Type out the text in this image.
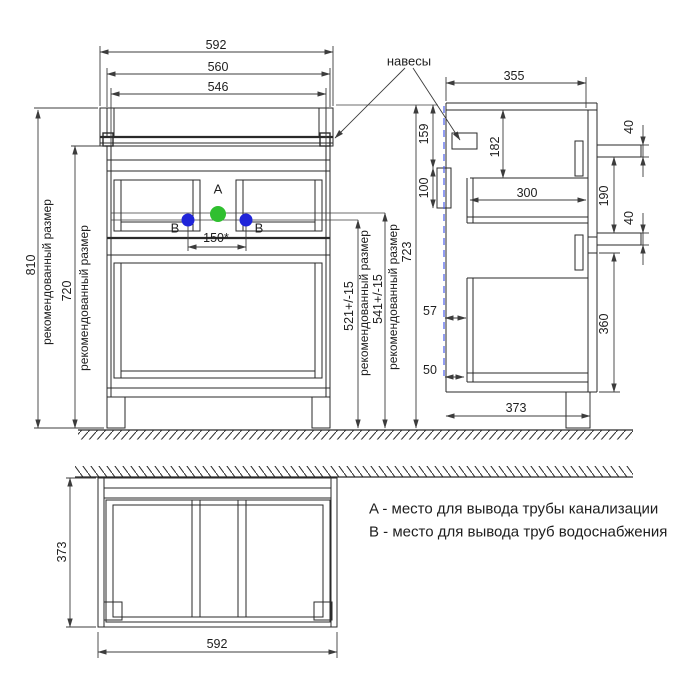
592
560
546
навесы
810 рекомендованный размер 720 рекомендованный размер
A
B	B
150*
521+/-15 рекомендованный размер 541+/-15 рекомендованный размер 723
159
100
355
182
300
40
190
40
57
50
360
373
373
592
A - место для вывода трубы канализации
B - место для вывода труб водоснабжения
